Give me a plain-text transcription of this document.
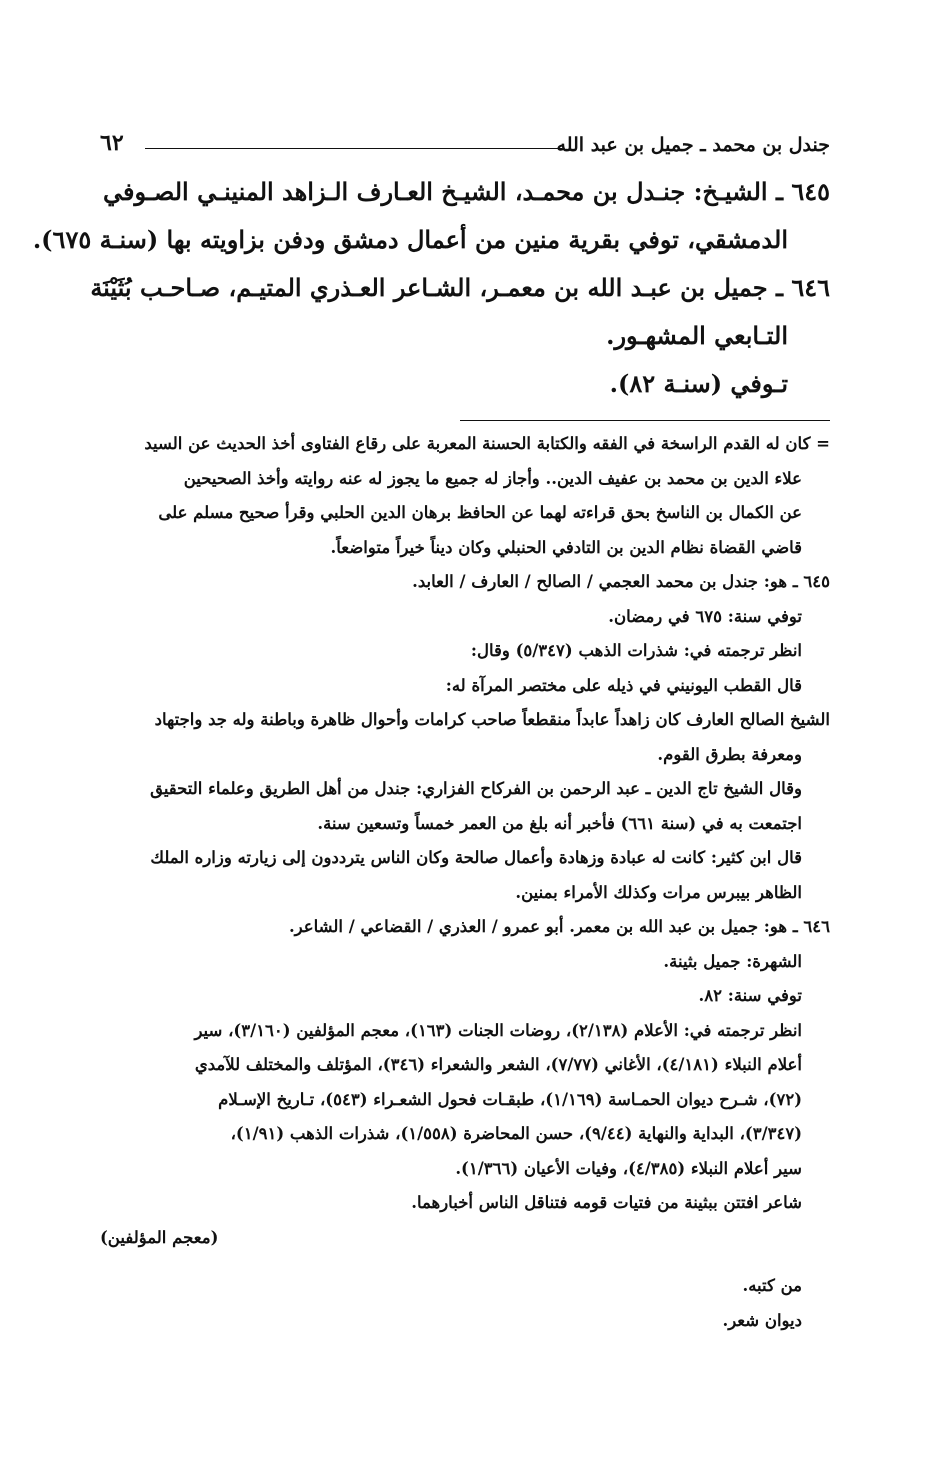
جندل بن محمد ـ جميل بن عبد الله
٦٢
٦٤٥ ـ الشيـخ: جنـدل بن محمـد، الشيـخ العـارف الـزاهد المنينـي الصـوفي
الدمشقي، توفي بقرية منين من أعمال دمشق ودفن بزاويته بها (سنـة ٦٧٥).
٦٤٦ ـ جميل بن عبـد الله بن معمـر، الشـاعر العـذري المتيـم، صـاحـب بُثَيْنَة
التـابعي المشهـور.
تـوفي (سنـة ٨٢).
= كان له القدم الراسخة في الفقه والكتابة الحسنة المعربة على رقاع الفتاوى أخذ الحديث عن السيد
علاء الدين بن محمد بن عفيف الدين.. وأجاز له جميع ما يجوز له عنه روايته وأخذ الصحيحين
عن الكمال بن الناسخ بحق قراءته لهما عن الحافظ برهان الدين الحلبي وقرأ صحيح مسلم على
قاضي القضاة نظام الدين بن التادفي الحنبلي وكان ديناً خيراً متواضعاً.
٦٤٥ ـ هو: جندل بن محمد العجمي / الصالح / العارف / العابد.
توفي سنة: ٦٧٥ في رمضان.
انظر ترجمته في: شذرات الذهب (٥/٣٤٧) وقال:
قال القطب اليونيني في ذيله على مختصر المرآة له:
الشيخ الصالح العارف كان زاهداً عابداً منقطعاً صاحب كرامات وأحوال ظاهرة وباطنة وله جد واجتهاد
ومعرفة بطرق القوم.
وقال الشيخ تاج الدين ـ عبد الرحمن بن الفركاح الفزاري: جندل من أهل الطريق وعلماء التحقيق
اجتمعت به في (سنة ٦٦١) فأخبر أنه بلغ من العمر خمساً وتسعين سنة.
قال ابن كثير: كانت له عبادة وزهادة وأعمال صالحة وكان الناس يترددون إلى زيارته وزاره الملك
الظاهر بيبرس مرات وكذلك الأمراء بمنين.
٦٤٦ ـ هو: جميل بن عبد الله بن معمر. أبو عمرو / العذري / القضاعي / الشاعر.
الشهرة: جميل بثينة.
توفي سنة: ٨٢.
انظر ترجمته في: الأعلام (٢/١٣٨)، روضات الجنات (١٦٣)، معجم المؤلفين (٣/١٦٠)، سير
أعلام النبلاء (٤/١٨١)، الأغاني (٧/٧٧)، الشعر والشعراء (٣٤٦)، المؤتلف والمختلف للآمدي
(٧٢)، شـرح ديوان الحمـاسة (١/١٦٩)، طبقـات فحول الشعـراء (٥٤٣)، تـاريخ الإسـلام
(٣/٣٤٧)، البداية والنهاية (٩/٤٤)، حسن المحاضرة (١/٥٥٨)، شذرات الذهب (١/٩١)،
سير أعلام النبلاء (٤/٣٨٥)، وفيات الأعيان (١/٣٦٦).
شاعر افتتن ببثينة من فتيات قومه فتناقل الناس أخبارهما.
(معجم المؤلفين)
من كتبه.
ديوان شعر.
